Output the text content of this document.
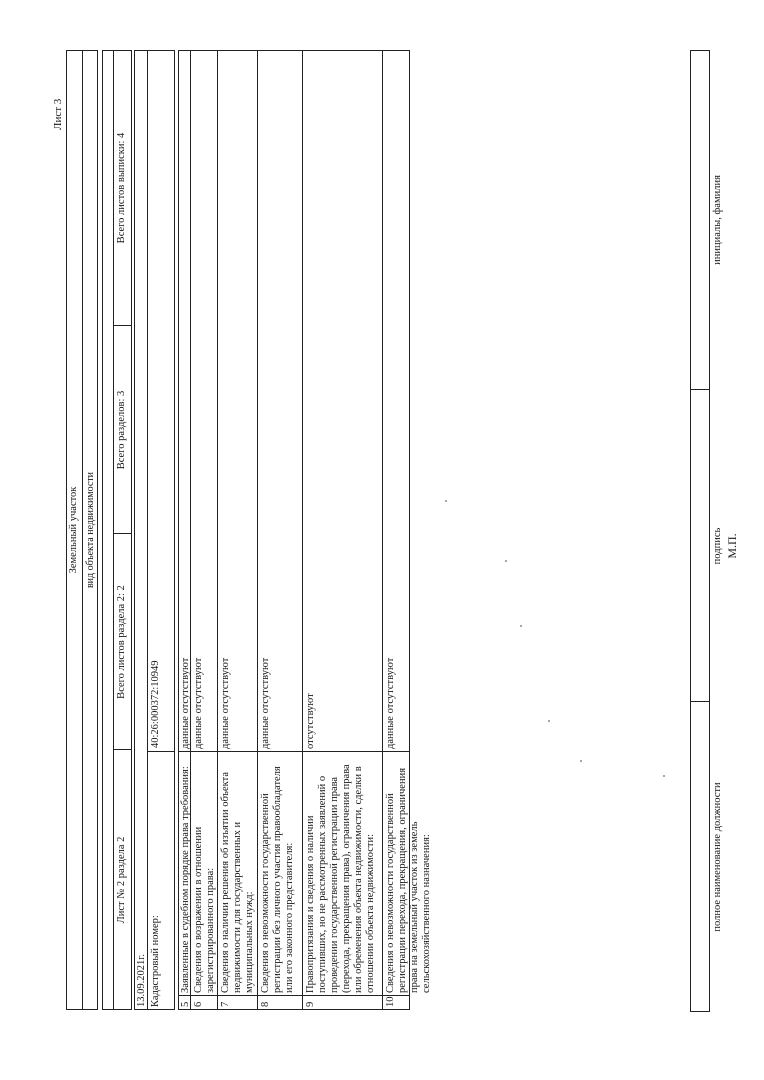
Лист 3
Земельный участок вид объекта недвижимости
Лист № 2 раздела 2
Всего листов раздела 2: 2
Всего разделов: 3
Всего листов выписки: 4
13.09.2021г. Кадастровый номер:
40:26:000372:10949
5
Заявленные в судебном порядке права требования:
данные отсутствуют
6
Сведения о возражении в отношении зарегистрированного права:
данные отсутствуют
7
Сведения о наличии решения об изъятии объекта недвижимости для государственных и муниципальных нужд:
данные отсутствуют
8
Сведения о невозможности государственной регистрации без личного участия правообладателя или его законного представителя:
данные отсутствуют
9
Правопритязания и сведения о наличии поступивших, но не рассмотренных заявлений о проведении государственной регистрации права (перехода, прекращения права), ограничения права или обременения объекта недвижимости, сделки в отношении объекта недвижимости:
отсутствуют
10
Сведения о невозможности государственной регистрации перехода, прекращения, ограничения права на земельный участок из земель сельскохозяйственного назначения:
данные отсутствуют
полное наименование должности
подпись
инициалы, фамилия
М.П.
